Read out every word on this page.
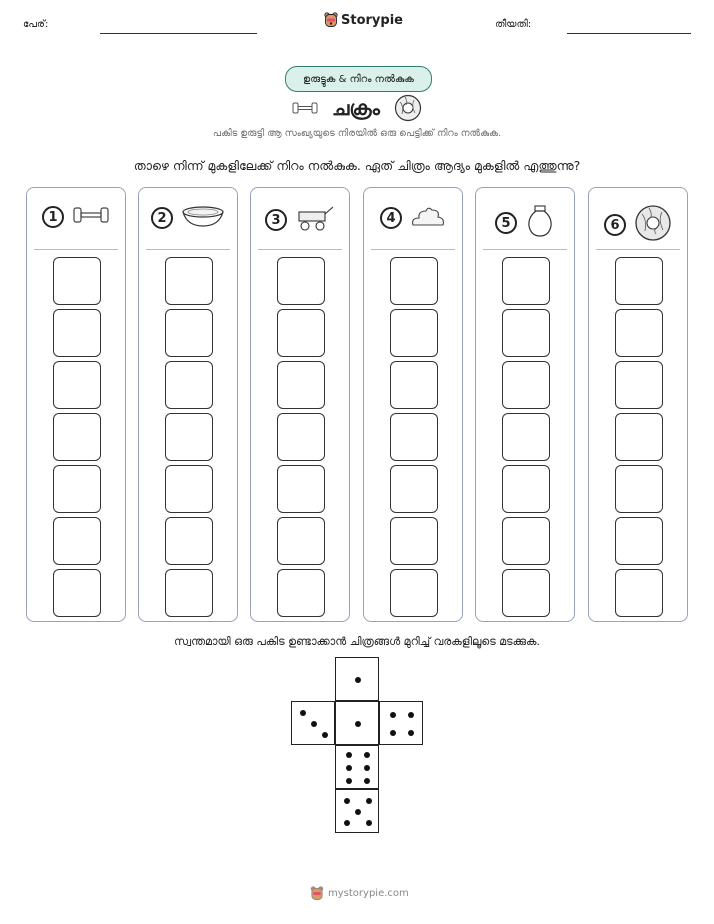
പേര്:	Storypie	തീയതി:
ഉരുട്ടുക & നിറം നൽകുക
ചക്രം
പകിട ഉരുട്ടി ആ സംഖ്യയുടെ നിരയിൽ ഒരു പെട്ടിക്ക് നിറം നൽകുക.
താഴെ നിന്ന് മുകളിലേക്ക് നിറം നൽകുക. ഏത് ചിത്രം ആദ്യം മുകളിൽ എത്തുന്നു?
1	2	3	4	5	6
സ്വന്തമായി ഒരു പകിട ഉണ്ടാക്കാൻ ചിത്രങ്ങൾ മുറിച്ച് വരകളിലൂടെ മടക്കുക.
mystorypie.com
